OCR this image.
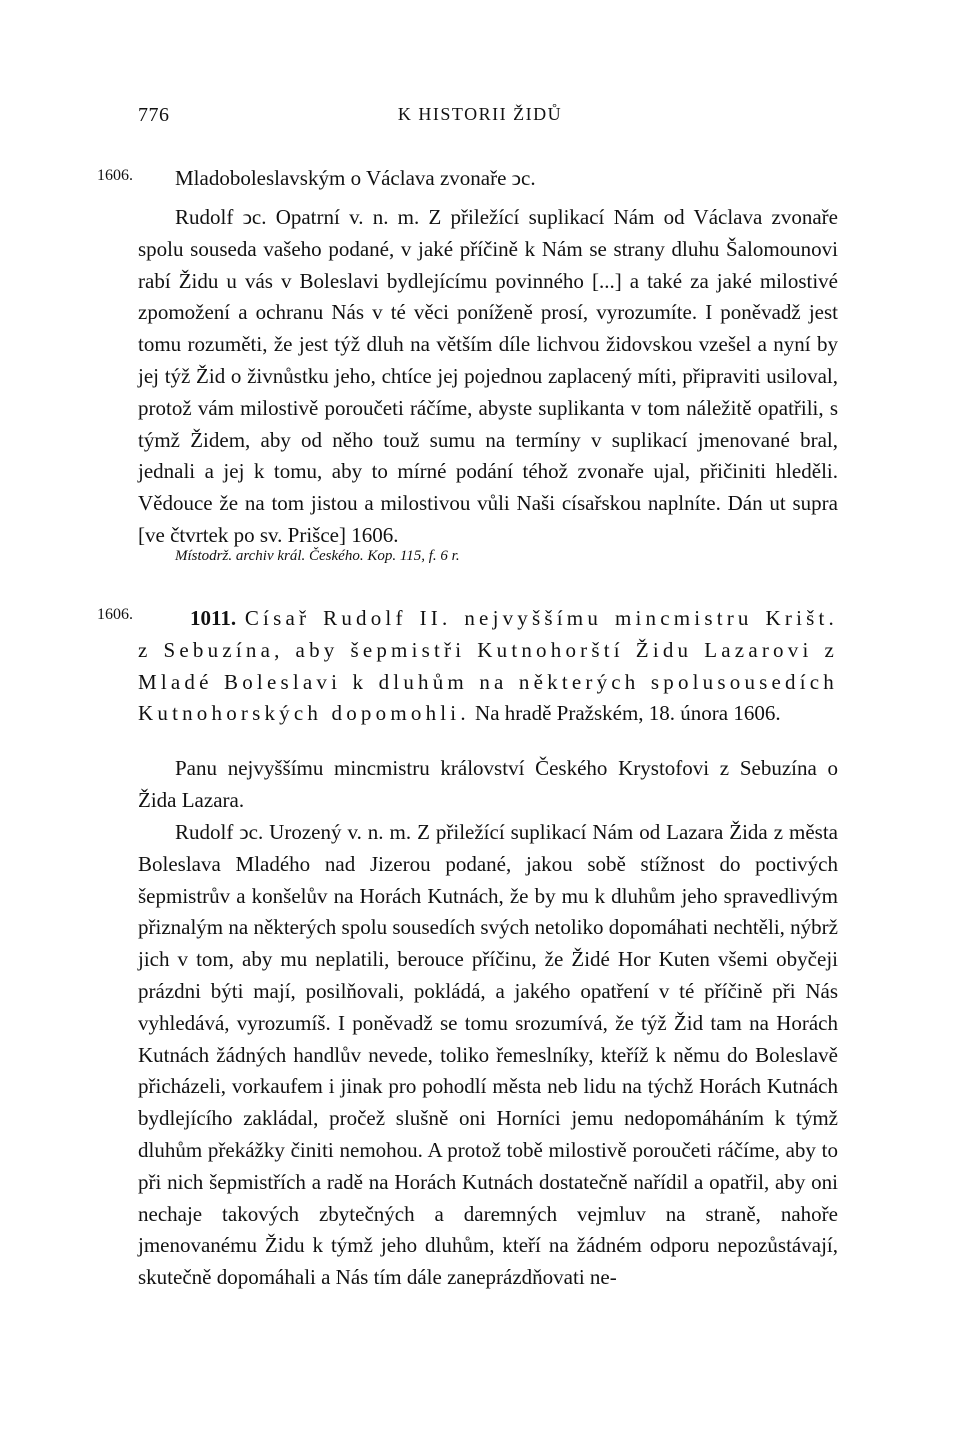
776	K HISTORII ŽIDŮ
1606. Mladoboleslavským o Václava zvonaře ͻc.

Rudolf ͻc. Opatrní v. n. m. Z přiležící suplikací Nám od Václava zvonaře spolu souseda vašeho podané, v jaké příčině k Nám se strany dluhu Šalomounovi rabí Židu u vás v Boleslavi bydlejícímu povinného [...] a také za jaké milostivé zpomožení a ochranu Nás v té věci poníženě prosí, vyrozumíte. I poněvadž jest tomu rozuměti, že jest týž dluh na větším díle lichvou židovskou vzešel a nyní by jej týž Žid o živnůstku jeho, chtíce jej pojednou zaplacený míti, připraviti usiloval, protož vám milostivě poroučeti ráčíme, abyste suplikanta v tom náležitě opatřili, s týmž Židem, aby od něho touž sumu na termíny v suplikací jmenované bral, jednali a jej k tomu, aby to mírné podání téhož zvonaře ujal, přičiniti hleděli. Vědouce že na tom jistou a milostivou vůli Naši císařskou naplníte. Dán ut supra [ve čtvrtek po sv. Prišce] 1606.

Místodrž. archiv král. Českého. Kop. 115, f. 6 r.
1606.	1011. Císař Rudolf II. nejvyššímu mincmistru Krišt. z Sebuzína, aby šepmistři Kutnohorští Židu Lazarovi z Mladé Boleslavi k dluhům na některých spolusousedích Kutnohorských dopomohli. Na hradě Pražském, 18. února 1606.

Panu nejvyššímu mincmistru království Českého Krystofovi z Sebuzína o Žida Lazara.

Rudolf ͻc. Urozený v. n. m. Z přiležící suplikací Nám od Lazara Žida z města Boleslava Mladého nad Jizerou podané, jakou sobě stížnost do poctivých šepmistrův a konšelův na Horách Kutnách, že by mu k dluhům jeho spravedlivým přiznalým na některých spolu sousedích svých netoliko dopomáhati nechtěli, nýbrž jich v tom, aby mu neplatili, berouce příčinu, že Židé Hor Kuten všemi obyčeji prázdni býti mají, posilňovali, pokládá, a jakého opatření v té příčině při Nás vyhledává, vyrozumíš. I poněvadž se tomu srozumívá, že týž Žid tam na Horách Kutnách žádných handlův nevede, toliko řemeslníky, kteříž k němu do Boleslavě přicházeli, vorkaufem i jinak pro pohodlí města neb lidu na týchž Horách Kutnách bydlejícího zakládal, pročež slušně oni Horníci jemu nedopomáháním k týmž dluhům překážky činiti nemohou. A protož tobě milostivě poroučeti ráčíme, aby to při nich šepmistřích a radě na Horách Kutnách dostatečně nařídil a opatřil, aby oni nechaje takových zbytečných a daremných vejmluv na straně, nahoře jmenovanému Židu k týmž jeho dluhům, kteří na žádném odporu nepozůstávají, skutečně dopomáhali a Nás tím dále zaneprázdňovati ne-
